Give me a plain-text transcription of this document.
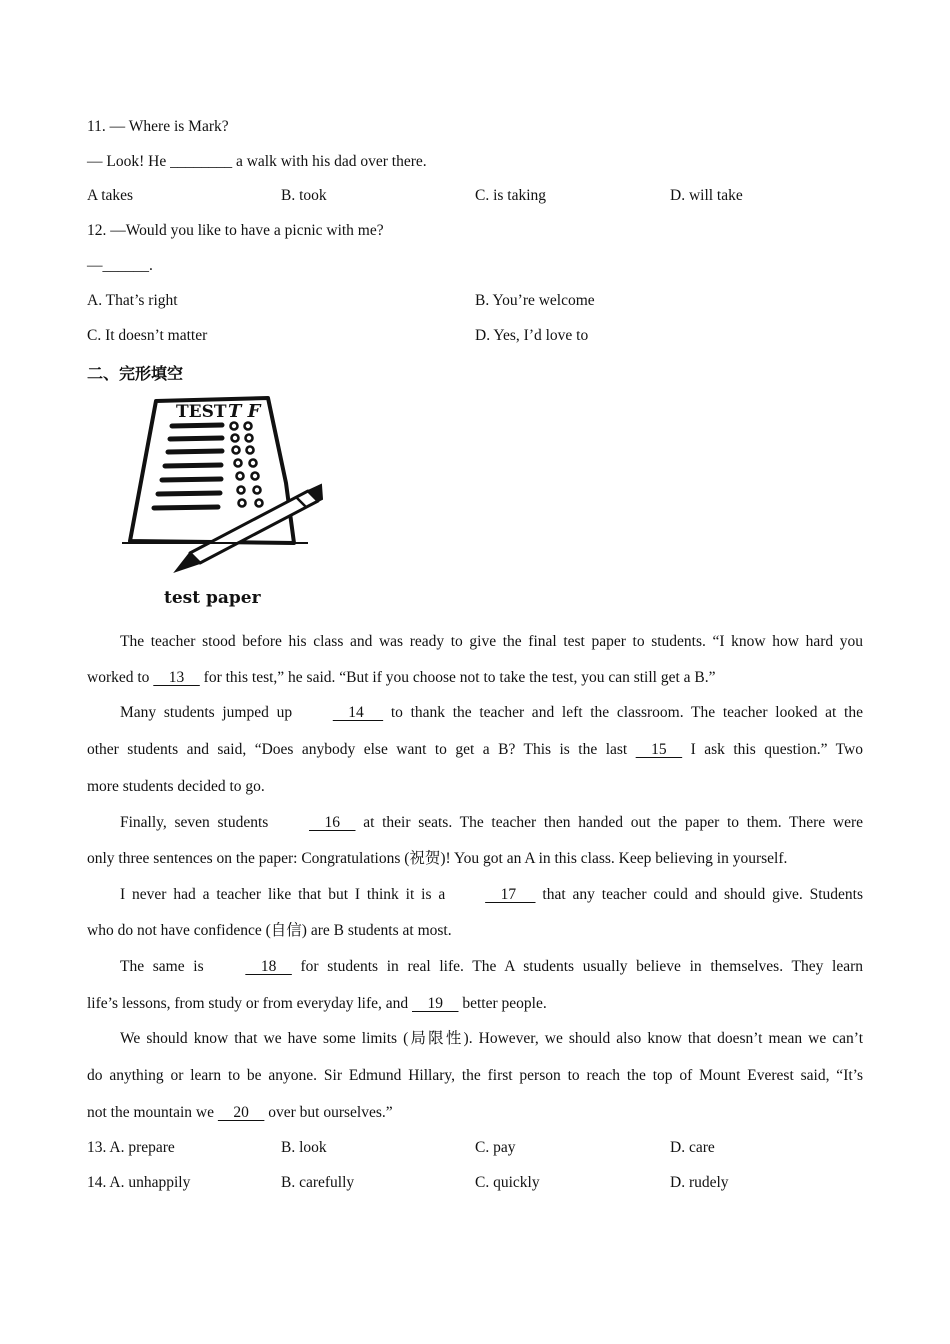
11. — Where is Mark?
— Look! He ________ a walk with his dad over there.
A takes	B. took	C. is taking	D. will take
12. —Would you like to have a picnic with me?
—______.
A. That’s right	B. You’re welcome
C. It doesn’t matter	D. Yes, I’d love to
二、完形填空
TEST T F
test paper
The teacher stood before his class and was ready to give the final test paper to students. “I know how hard you
worked to     13     for this test,” he said. “But if you choose not to take the test, you can still get a B.”
Many students jumped up     14      to thank the teacher and left the classroom. The teacher looked at the
other students and said, “Does anybody else want to get a B? This is the last     15     I ask this question.” Two
more students decided to go.
Finally, seven students     16     at their seats. The teacher then handed out the paper to them. There were
only three sentences on the paper: Congratulations (祝贺)! You got an A in this class. Keep believing in yourself.
I never had a teacher like that but I think it is a     17      that any teacher could and should give. Students
who do not have confidence (自信) are B students at most.
The same is     18     for students in real life. The A students usually believe in themselves. They learn
life’s lessons, from study or from everyday life, and     19     better people.
We should know that we have some limits (局限性). However, we should also know that doesn’t mean we can’t
do anything or learn to be anyone. Sir Edmund Hillary, the first person to reach the top of Mount Everest said, “It’s
not the mountain we     20     over but ourselves.”
13. A. prepare	B. look	C. pay	D. care
14. A. unhappily	B. carefully	C. quickly	D. rudely
